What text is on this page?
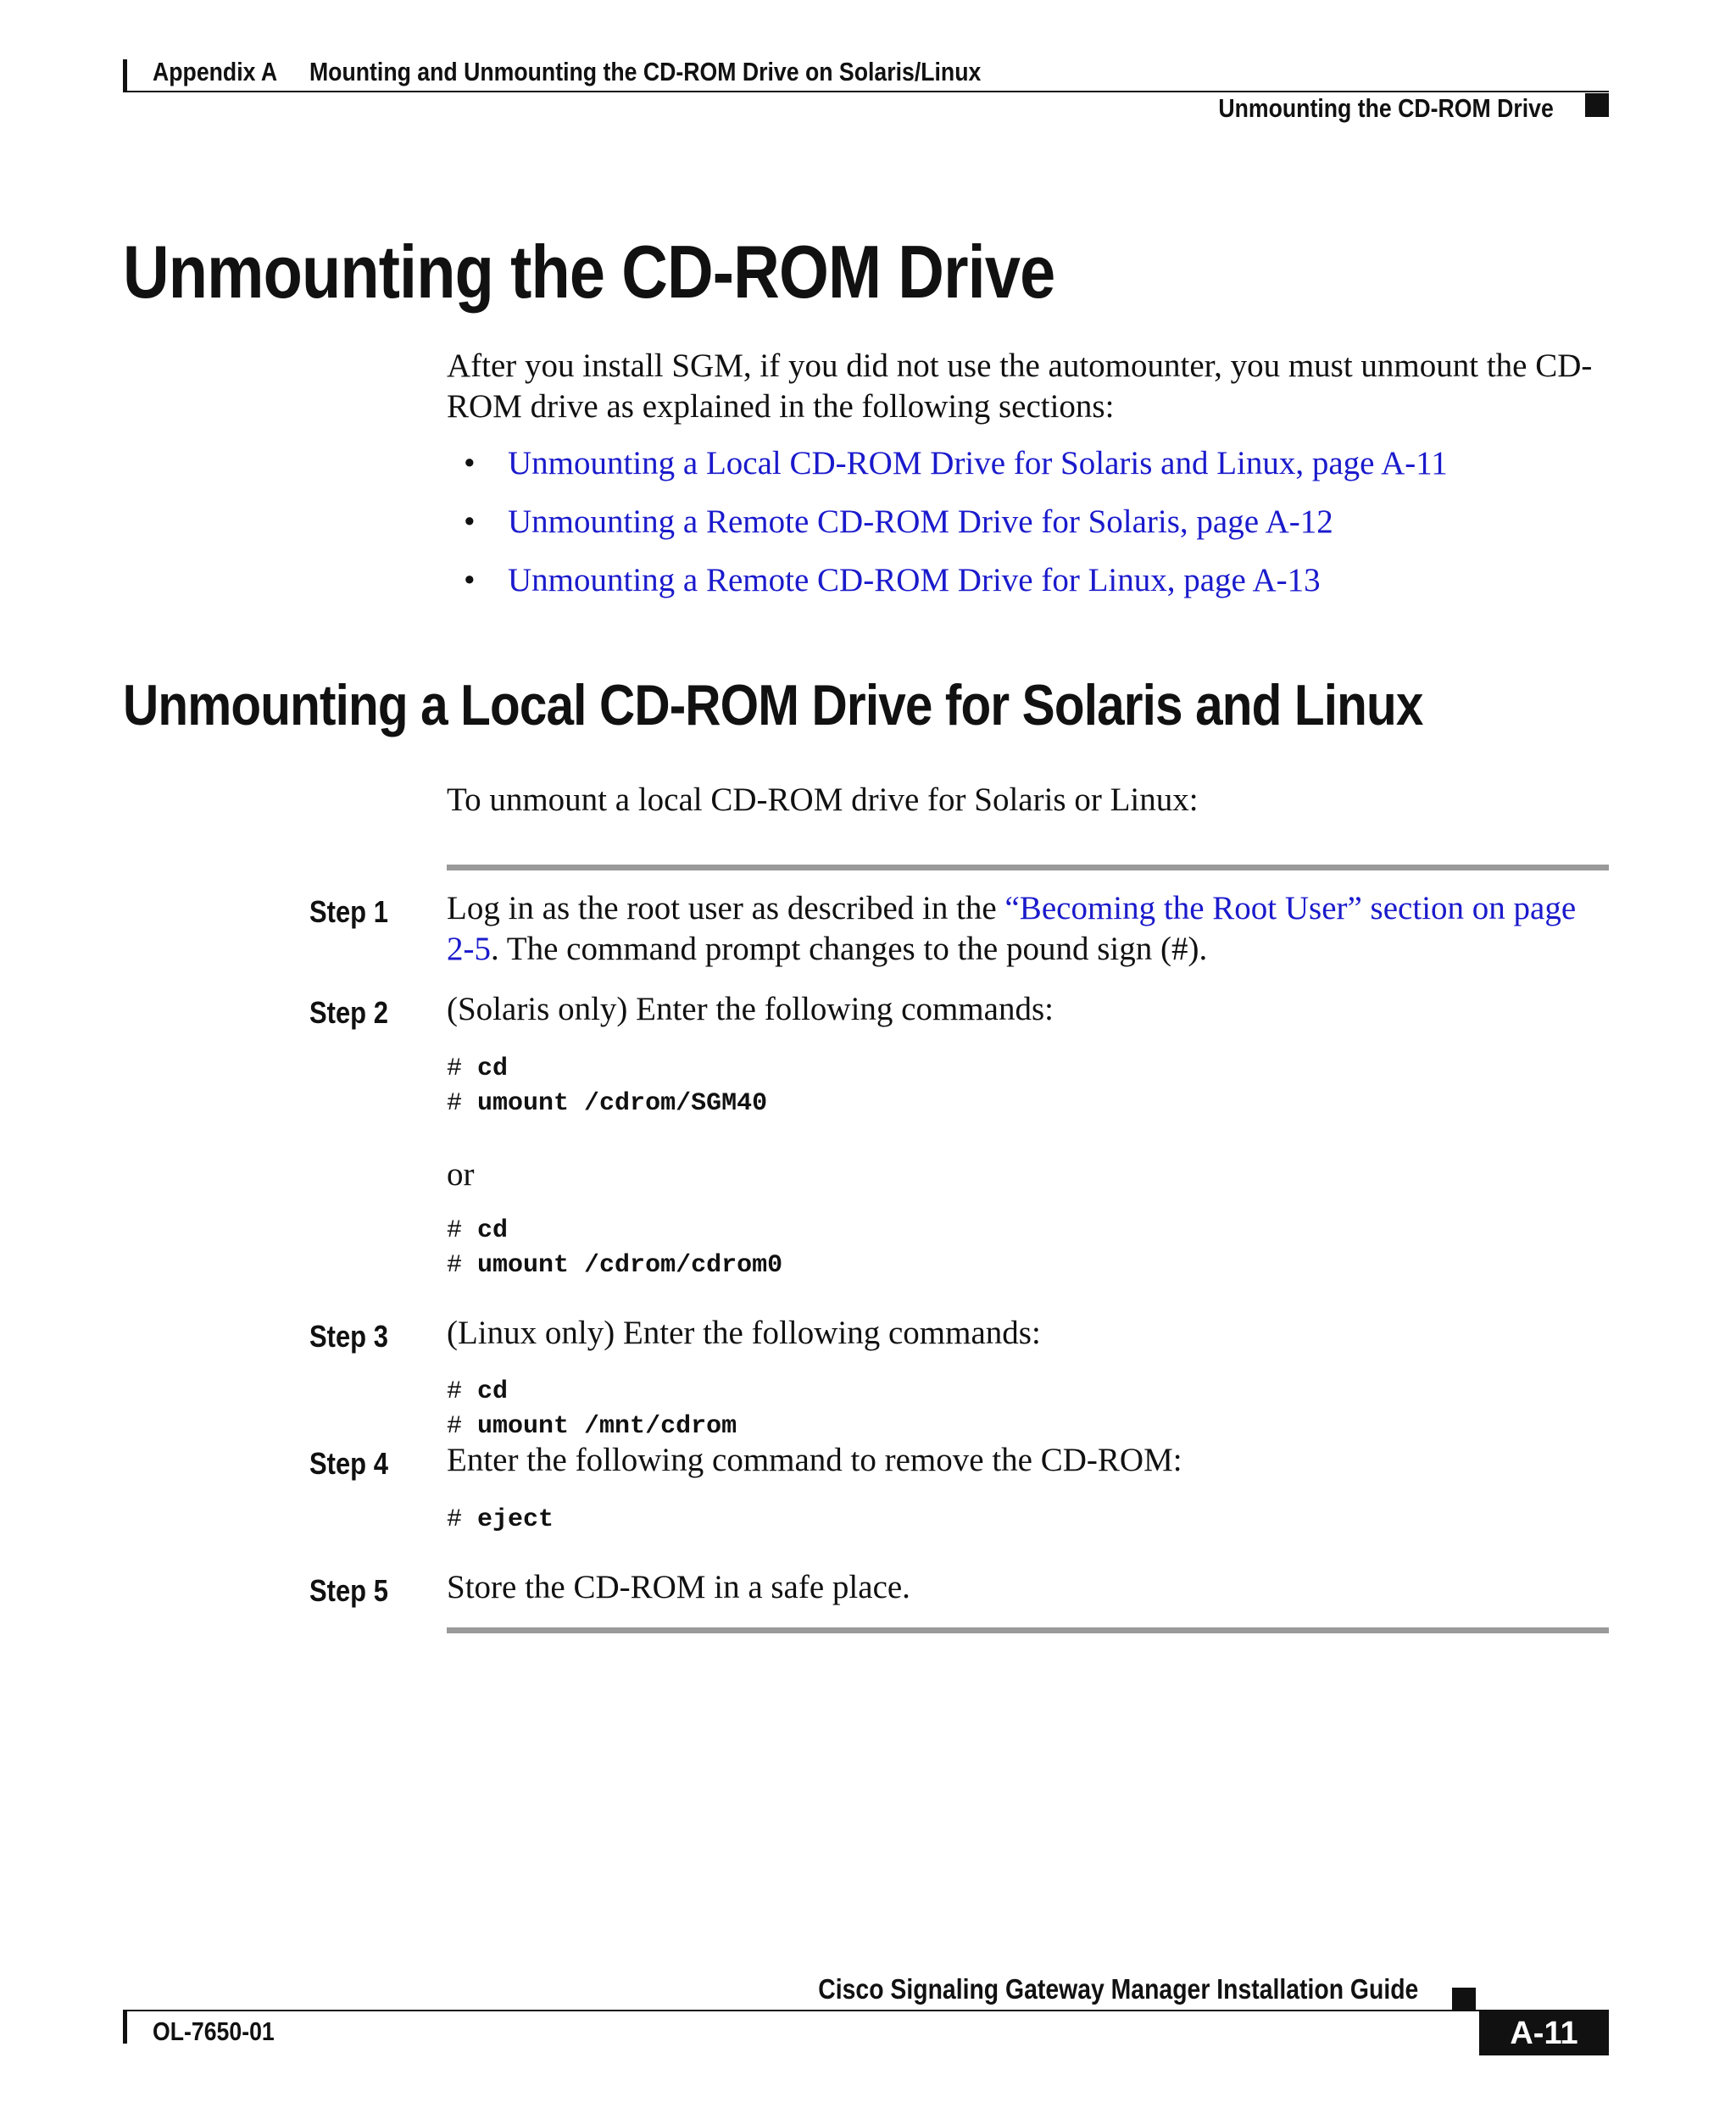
Appendix A Mounting and Unmounting the CD-ROM Drive on Solaris/Linux
Unmounting the CD-ROM Drive
Unmounting the CD-ROM Drive
After you install SGM, if you did not use the automounter, you must unmount the CD-ROM drive as explained in the following sections:
• Unmounting a Local CD-ROM Drive for Solaris and Linux, page A-11
• Unmounting a Remote CD-ROM Drive for Solaris, page A-12
• Unmounting a Remote CD-ROM Drive for Linux, page A-13
Unmounting a Local CD-ROM Drive for Solaris and Linux
To unmount a local CD-ROM drive for Solaris or Linux:
Step 1 Log in as the root user as described in the “Becoming the Root User” section on page 2-5. The command prompt changes to the pound sign (#).
Step 2 (Solaris only) Enter the following commands:
# cd
# umount /cdrom/SGM40
or
# cd
# umount /cdrom/cdrom0
Step 3 (Linux only) Enter the following commands:
# cd
# umount /mnt/cdrom
Step 4 Enter the following command to remove the CD-ROM:
# eject
Step 5 Store the CD-ROM in a safe place.
Cisco Signaling Gateway Manager Installation Guide
OL-7650-01	A-11
